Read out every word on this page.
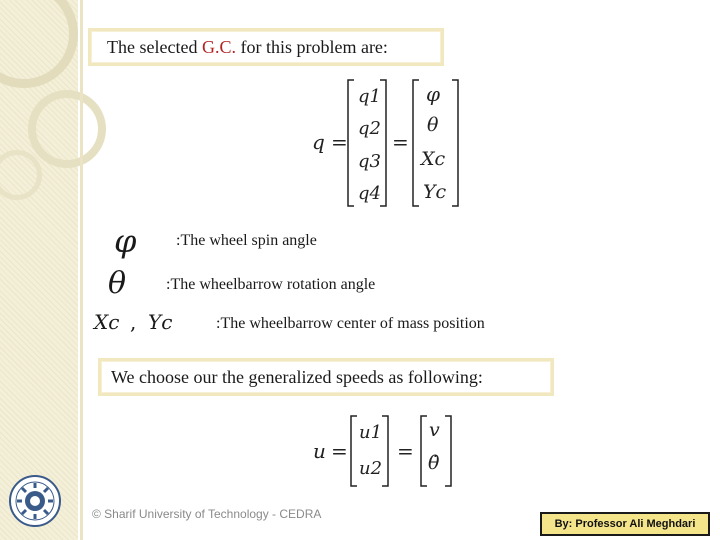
The selected G.C. for this problem are:
q = =
q1
q2
q3
q4
φ
θ
Xc
Yc
φ :The wheel spin angle
θ :The wheelbarrow rotation angle
Xc , Yc	:The wheelbarrow center of mass position
We choose our the generalized speeds as following:
u = =
u1
u2
v
θ̇
© Sharif University of Technology - CEDRA
By: Professor Ali Meghdari
